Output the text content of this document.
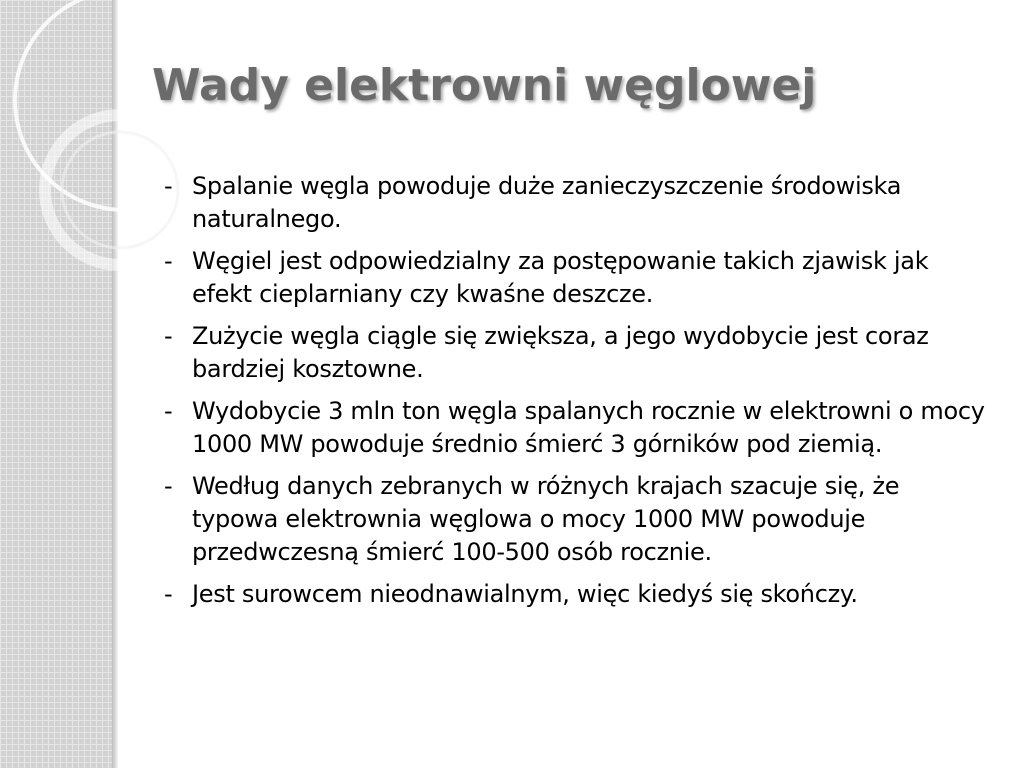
Wady elektrowni węglowej
- Spalanie węgla powoduje duże zanieczyszczenie środowiska naturalnego.
- Węgiel jest odpowiedzialny za postępowanie takich zjawisk jak efekt cieplarniany czy kwaśne deszcze.
- Zużycie węgla ciągle się zwiększa, a jego wydobycie jest coraz bardziej kosztowne.
- Wydobycie 3 mln ton węgla spalanych rocznie w elektrowni o mocy 1000 MW powoduje średnio śmierć 3 górników pod ziemią.
- Według danych zebranych w różnych krajach szacuje się, że typowa elektrownia węglowa o mocy 1000 MW powoduje przedwczesną śmierć 100-500 osób rocznie.
- Jest surowcem nieodnawialnym, więc kiedyś się skończy.
